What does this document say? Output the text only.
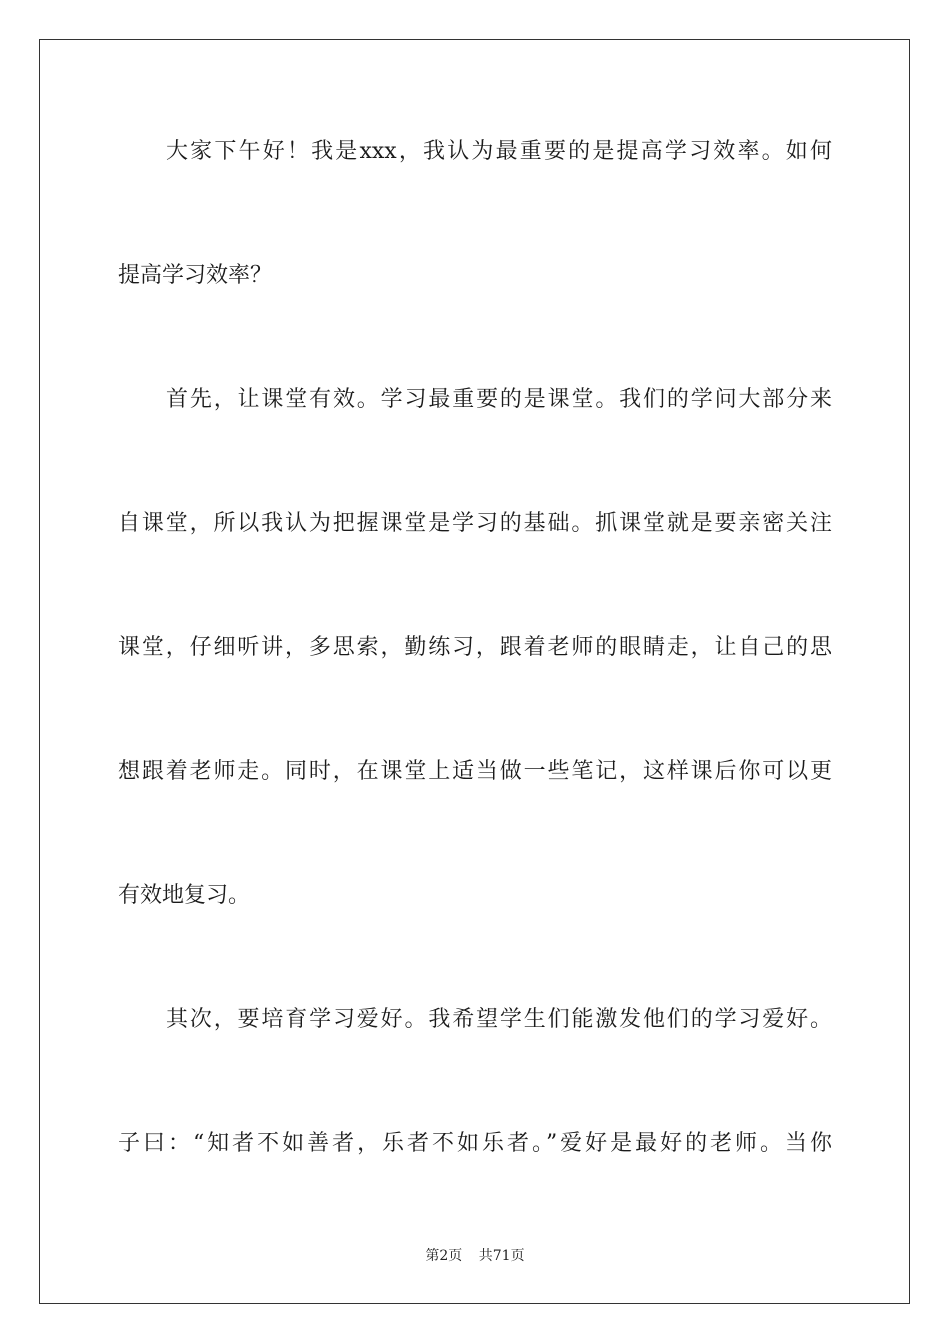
大家下午好！我是xxx，我认为最重要的是提高学习效率。如何
提高学习效率？
首先，让课堂有效。学习最重要的是课堂。我们的学问大部分来
自课堂，所以我认为把握课堂是学习的基础。抓课堂就是要亲密关注
课堂，仔细听讲，多思索，勤练习，跟着老师的眼睛走，让自己的思
想跟着老师走。同时，在课堂上适当做一些笔记，这样课后你可以更
有效地复习。
其次，要培育学习爱好。我希望学生们能激发他们的学习爱好。
子曰：“知者不如善者，乐者不如乐者。”爱好是最好的老师。当你
第2页 共71页
